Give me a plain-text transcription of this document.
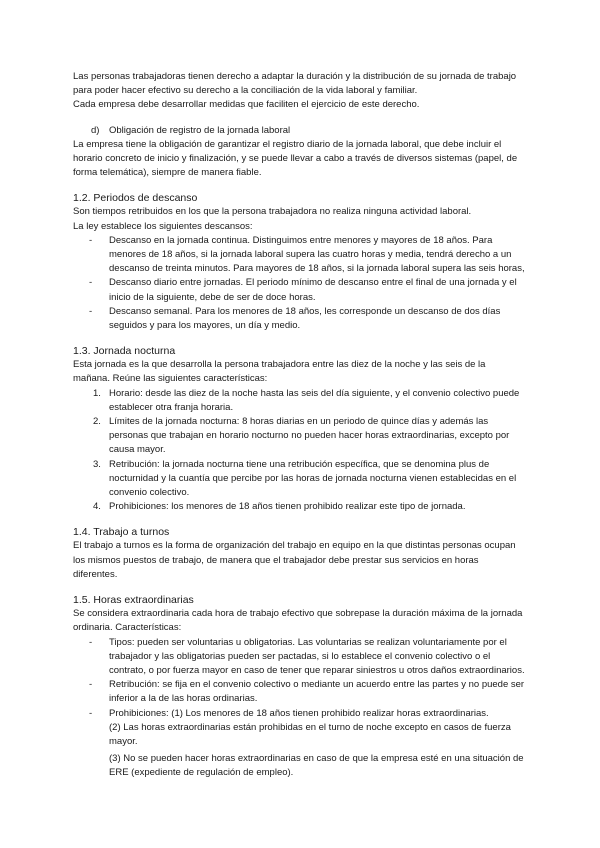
Las personas trabajadoras tienen derecho a adaptar la duración y la distribución de su jornada de trabajo para poder hacer efectivo su derecho a la conciliación de la vida laboral y familiar.

Cada empresa debe desarrollar medidas que faciliten el ejercicio de este derecho.

d) Obligación de registro de la jornada laboral

La empresa tiene la obligación de garantizar el registro diario de la jornada laboral, que debe incluir el horario concreto de inicio y finalización, y se puede llevar a cabo a través de diversos sistemas (papel, de forma telemática), siempre de manera fiable.

1.2. Periodos de descanso

Son tiempos retribuidos en los que la persona trabajadora no realiza ninguna actividad laboral.

La ley establece los siguientes descansos:

- Descanso en la jornada continua. Distinguimos entre menores y mayores de 18 años. Para menores de 18 años, si la jornada laboral supera las cuatro horas y media, tendrá derecho a un descanso de treinta minutos. Para mayores de 18 años, si la jornada laboral supera las seis horas,
- Descanso diario entre jornadas. El periodo mínimo de descanso entre el final de una jornada y el inicio de la siguiente, debe de ser de doce horas.
- Descanso semanal. Para los menores de 18 años, les corresponde un descanso de dos días seguidos y para los mayores, un día y medio.
1.3. Jornada nocturna

Esta jornada es la que desarrolla la persona trabajadora entre las diez de la noche y las seis de la mañana. Reúne las siguientes características:

1. Horario: desde las diez de la noche hasta las seis del día siguiente, y el convenio colectivo puede establecer otra franja horaria.
2. Límites de la jornada nocturna: 8 horas diarias en un periodo de quince días y además las personas que trabajan en horario nocturno no pueden hacer horas extraordinarias, excepto por causa mayor.
3. Retribución: la jornada nocturna tiene una retribución específica, que se denomina plus de nocturnidad y la cuantía que percibe por las horas de jornada nocturna vienen establecidas en el convenio colectivo.
4. Prohibiciones: los menores de 18 años tienen prohibido realizar este tipo de jornada.
1.4. Trabajo a turnos

El trabajo a turnos es la forma de organización del trabajo en equipo en la que distintas personas ocupan los mismos puestos de trabajo, de manera que el trabajador debe prestar sus servicios en horas diferentes.

1.5. Horas extraordinarias

Se considera extraordinaria cada hora de trabajo efectivo que sobrepase la duración máxima de la jornada ordinaria. Características:

- Tipos: pueden ser voluntarias u obligatorias. Las voluntarias se realizan voluntariamente por el trabajador y las obligatorias pueden ser pactadas, si lo establece el convenio colectivo o el contrato, o por fuerza mayor en caso de tener que reparar siniestros u otros daños extraordinarios.
- Retribución: se fija en el convenio colectivo o mediante un acuerdo entre las partes y no puede ser inferior a la de las horas ordinarias.
- Prohibiciones: (1) Los menores de 18 años tienen prohibido realizar horas extraordinarias.
(2) Las horas extraordinarias están prohibidas en el turno de noche excepto en casos de fuerza mayor.
(3) No se pueden hacer horas extraordinarias en caso de que la empresa esté en una situación de ERE (expediente de regulación de empleo).
